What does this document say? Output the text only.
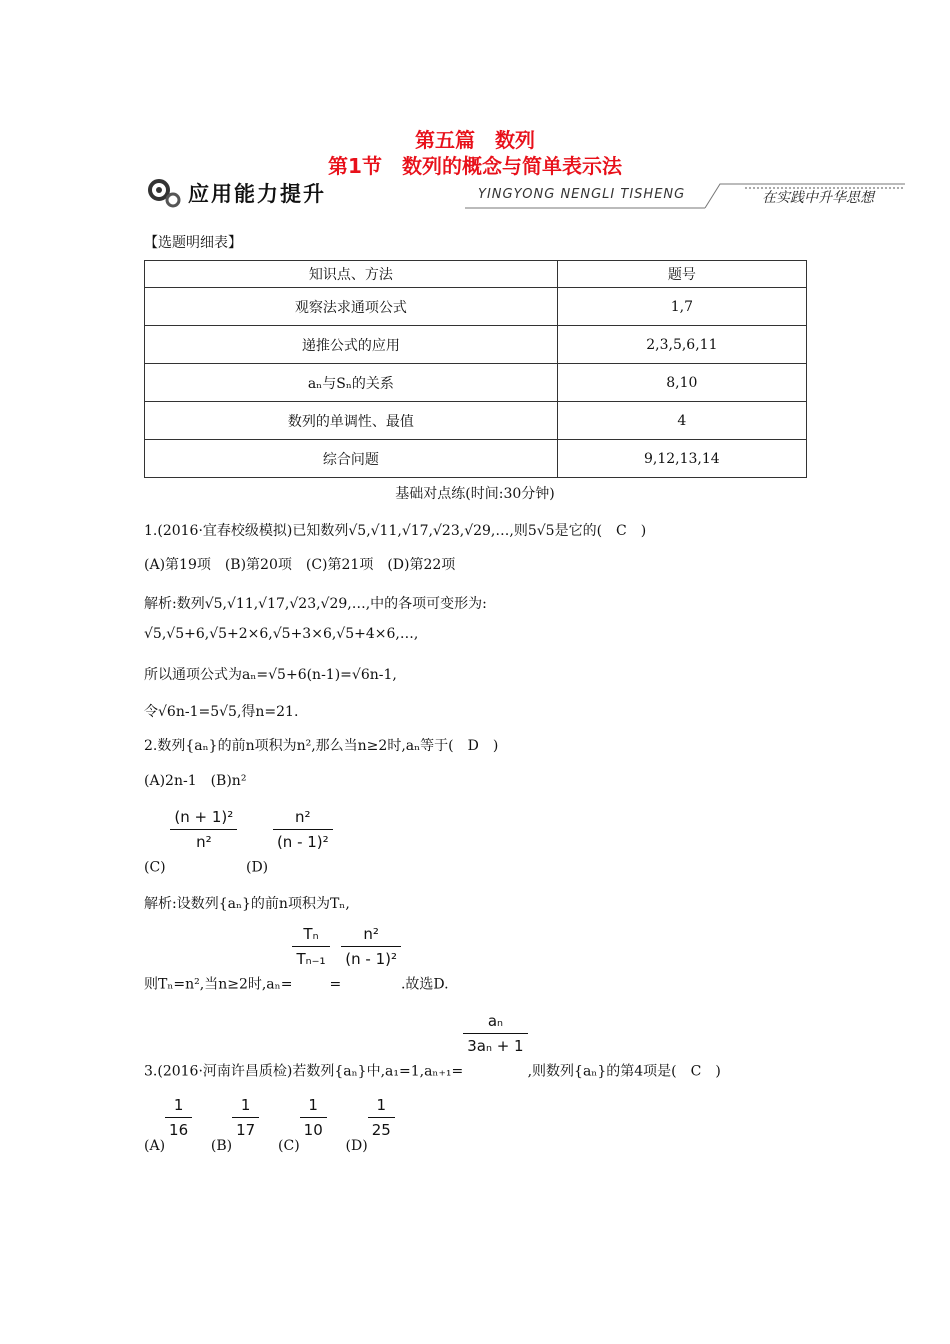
第五篇　数列
第1节　数列的概念与简单表示法
应用能力提升	YINGYONG NENGLI TISHENG	在实践中升华思想
【选题明细表】
知识点、方法	题号
观察法求通项公式	1,7
递推公式的应用	2,3,5,6,11
aₙ与Sₙ的关系	8,10
数列的单调性、最值	4
综合问题	9,12,13,14
基础对点练(时间:30分钟)
1.(2016·宜春校级模拟)已知数列√5,√11,√17,√23,√29,…,则5√5是它的(　C　)
(A)第19项　(B)第20项　(C)第21项　(D)第22项
解析:数列√5,√11,√17,√23,√29,…,中的各项可变形为:
√5,√5+6,√5+2×6,√5+3×6,√5+4×6,…,
所以通项公式为aₙ=√5+6(n-1)=√6n-1,
令√6n-1=5√5,得n=21.
2.数列{aₙ}的前n项积为n²,那么当n≥2时,aₙ等于(　D　)
(A)2n-1　(B)n²
(C)
$\frac{\text{(n + 1)²}}{\text{n²}}$
(D)
$\frac{\text{n²}}{\text{(n - 1)²}}$
解析:设数列{aₙ}的前n项积为Tₙ,
则Tₙ=n²,当n≥2时,aₙ=
$\frac{\text{Tₙ}}{\text{Tₙ₋₁}}$
=
$\frac{\text{n²}}{\text{(n - 1)²}}$
.故选D.
3.(2016·河南许昌质检)若数列{aₙ}中,a₁=1,aₙ₊₁=
$\frac{\text{aₙ}}{\text{3aₙ + 1}}$
,则数列{aₙ}的第4项是(　C　)
(A)
$\frac{1}{16}$
(B)
$\frac{1}{17}$
(C)
$\frac{1}{10}$
(D)
$\frac{1}{25}$
